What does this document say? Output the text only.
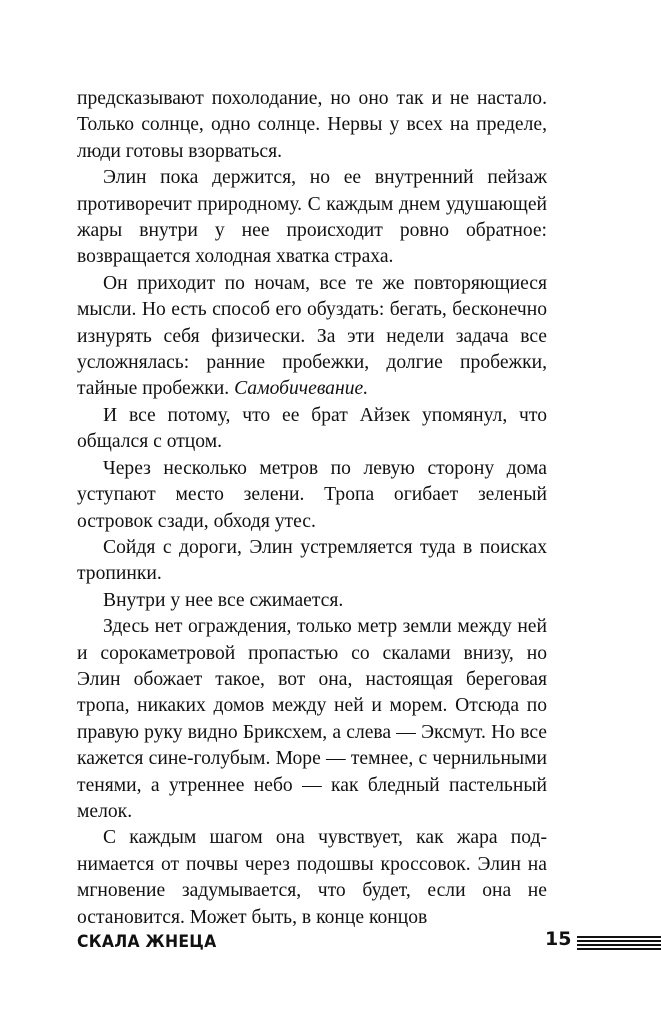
предсказывают похолодание, но оно так и не настало. Только солнце, одно солнце. Нервы у всех на пределе, люди готовы взорваться.

Элин пока держится, но ее внутренний пейзаж противоречит природному. С каждым днем удушающей жары внутри у нее происходит ровно обратное: возвращается холодная хватка страха.

Он приходит по ночам, все те же повторяющиеся мысли. Но есть способ его обуздать: бегать, бесконечно изнурять себя физически. За эти недели задача все усложнялась: ранние пробежки, долгие пробежки, тайные пробежки. Самобичевание.

И все потому, что ее брат Айзек упомянул, что общался с отцом.

Через несколько метров по левую сторону дома уступают место зелени. Тропа огибает зеленый островок сзади, обходя утес.

Сойдя с дороги, Элин устремляется туда в поисках тропинки.

Внутри у нее все сжимается.

Здесь нет ограждения, только метр земли между ней и сорокаметровой пропастью со скалами внизу, но Элин обожает такое, вот она, настоящая береговая тропа, никаких домов между ней и морем. Отсюда по правую руку видно Бриксхем, а слева — Эксмут. Но все кажется сине-голубым. Море — темнее, с чернильными тенями, а утреннее небо — как бледный пастельный мелок.

С каждым шагом она чувствует, как жара поднимается от почвы через подошвы кроссовок. Элин на мгновение задумывается, что будет, если она не остановится. Может быть, в конце концов

СКАЛА ЖНЕЦА	15
